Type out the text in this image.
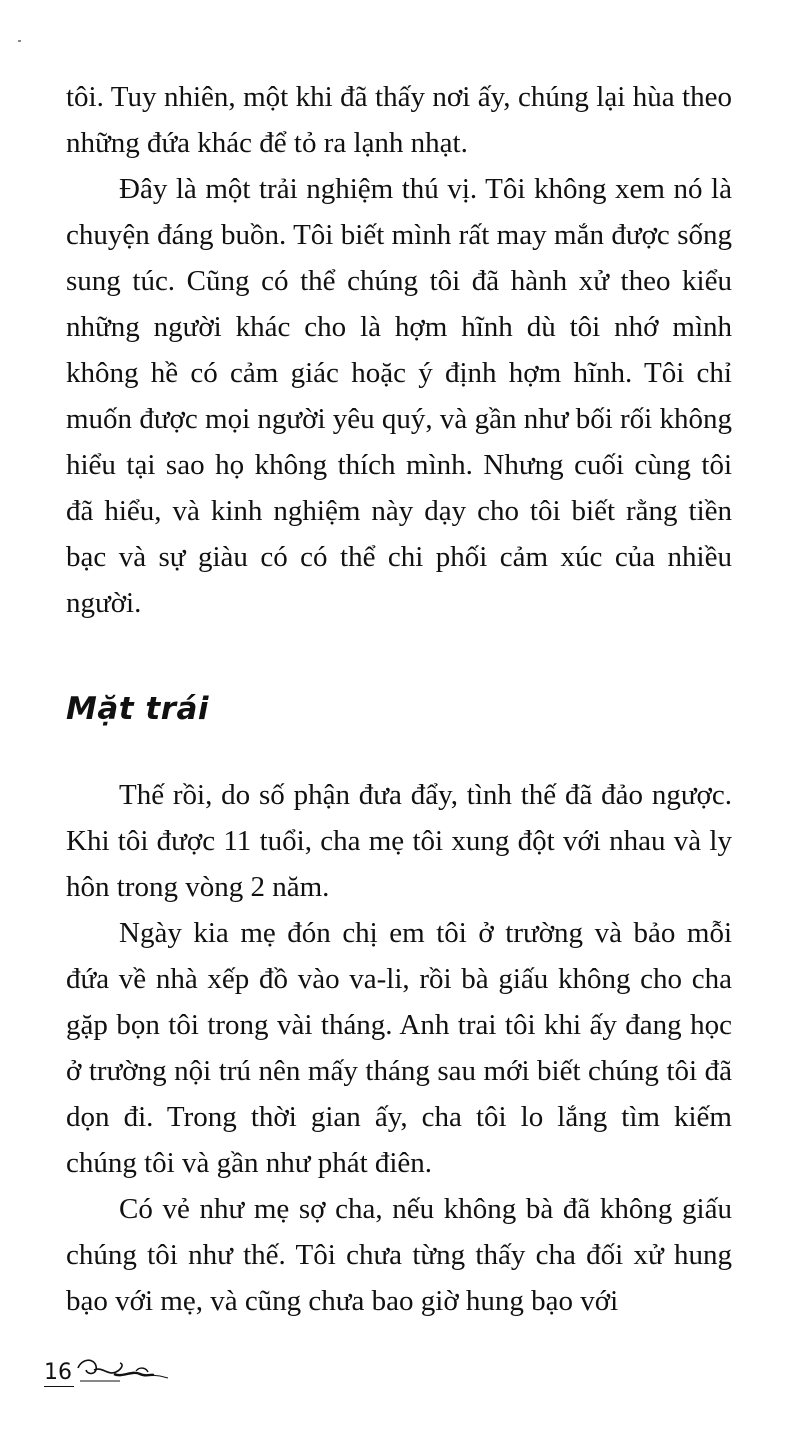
tôi. Tuy nhiên, một khi đã thấy nơi ấy, chúng lại hùa theo những đứa khác để tỏ ra lạnh nhạt.

Đây là một trải nghiệm thú vị. Tôi không xem nó là chuyện đáng buồn. Tôi biết mình rất may mắn được sống sung túc. Cũng có thể chúng tôi đã hành xử theo kiểu những người khác cho là hợm hĩnh dù tôi nhớ mình không hề có cảm giác hoặc ý định hợm hĩnh. Tôi chỉ muốn được mọi người yêu quý, và gần như bối rối không hiểu tại sao họ không thích mình. Nhưng cuối cùng tôi đã hiểu, và kinh nghiệm này dạy cho tôi biết rằng tiền bạc và sự giàu có có thể chi phối cảm xúc của nhiều người.

Mặt trái

Thế rồi, do số phận đưa đẩy, tình thế đã đảo ngược. Khi tôi được 11 tuổi, cha mẹ tôi xung đột với nhau và ly hôn trong vòng 2 năm.

Ngày kia mẹ đón chị em tôi ở trường và bảo mỗi đứa về nhà xếp đồ vào va-li, rồi bà giấu không cho cha gặp bọn tôi trong vài tháng. Anh trai tôi khi ấy đang học ở trường nội trú nên mấy tháng sau mới biết chúng tôi đã dọn đi. Trong thời gian ấy, cha tôi lo lắng tìm kiếm chúng tôi và gần như phát điên.

Có vẻ như mẹ sợ cha, nếu không bà đã không giấu chúng tôi như thế. Tôi chưa từng thấy cha đối xử hung bạo với mẹ, và cũng chưa bao giờ hung bạo với

16
